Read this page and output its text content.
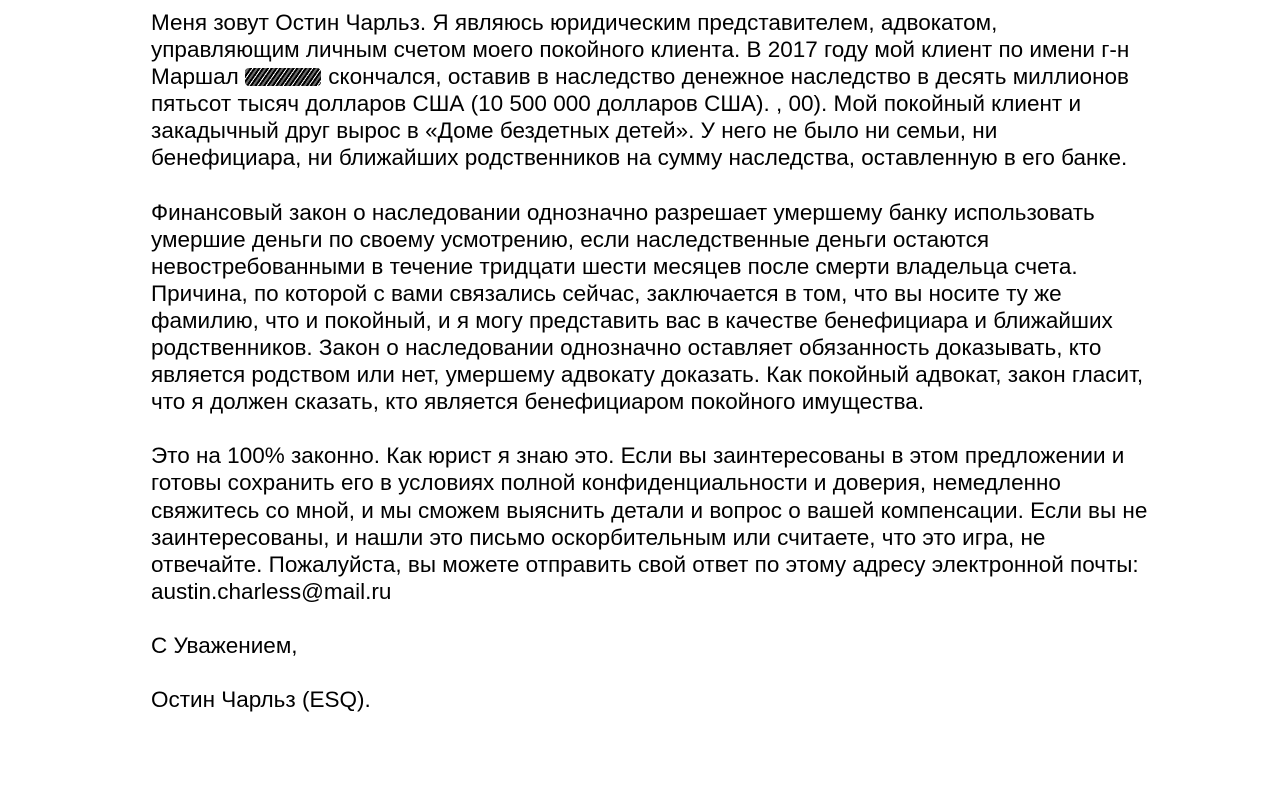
Меня зовут Остин Чарльз. Я являюсь юридическим представителем, адвокатом, управляющим личным счетом моего покойного клиента. В 2017 году мой клиент по имени г-н Маршал	скончался, оставив в наследство денежное наследство в десять миллионов пятьсот тысяч долларов США (10 500 000 долларов США). , 00). Мой покойный клиент и закадычный друг вырос в «Доме бездетных детей». У него не было ни семьи, ни бенефициара, ни ближайших родственников на сумму наследства, оставленную в его банке.

Финансовый закон о наследовании однозначно разрешает умершему банку использовать умершие деньги по своему усмотрению, если наследственные деньги остаются невостребованными в течение тридцати шести месяцев после смерти владельца счета. Причина, по которой с вами связались сейчас, заключается в том, что вы носите ту же фамилию, что и покойный, и я могу представить вас в качестве бенефициара и ближайших родственников. Закон о наследовании однозначно оставляет обязанность доказывать, кто является родством или нет, умершему адвокату доказать. Как покойный адвокат, закон гласит, что я должен сказать, кто является бенефициаром покойного имущества.

Это на 100% законно. Как юрист я знаю это. Если вы заинтересованы в этом предложении и готовы сохранить его в условиях полной конфиденциальности и доверия, немедленно свяжитесь со мной, и мы сможем выяснить детали и вопрос о вашей компенсации. Если вы не заинтересованы, и нашли это письмо оскорбительным или считаете, что это игра, не отвечайте. Пожалуйста, вы можете отправить свой ответ по этому адресу электронной почты: austin.charless@mail.ru

С Уважением,

Остин Чарльз (ESQ).
